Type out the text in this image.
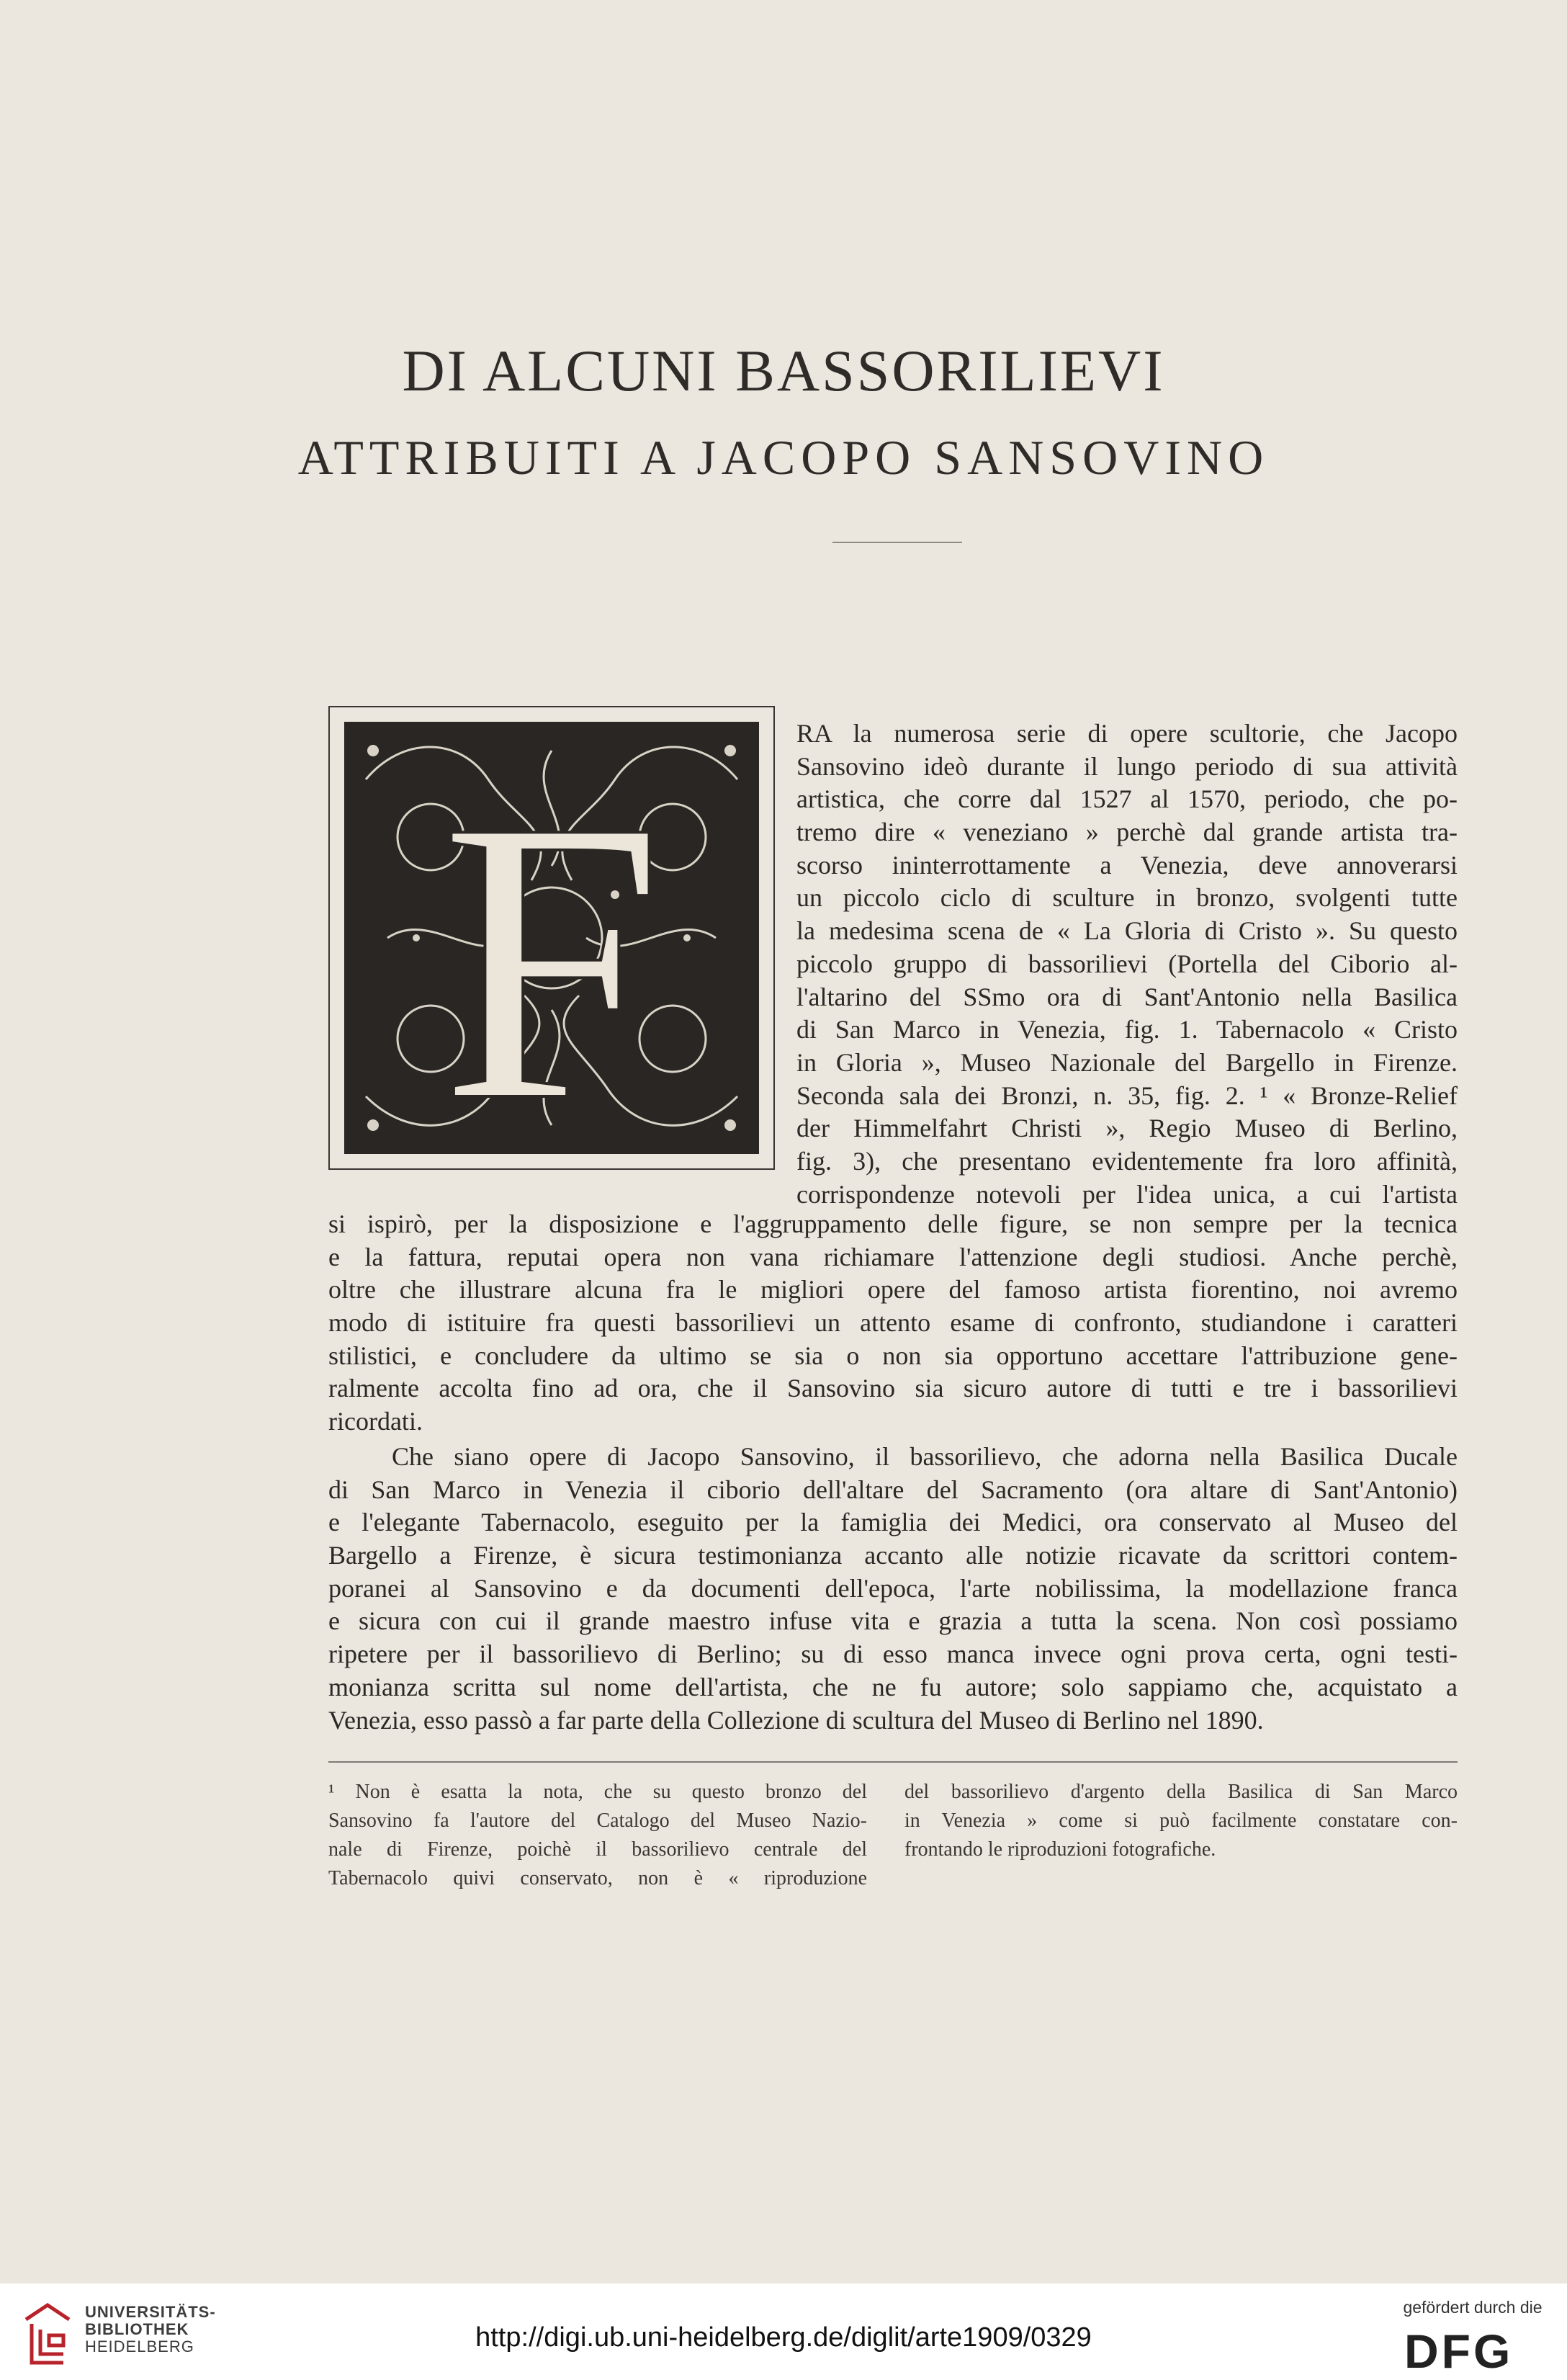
DI ALCUNI BASSORILIEVI
ATTRIBUITI A JACOPO SANSOVINO
F
RA la numerosa serie di opere scultorie, che Jacopo
Sansovino ideò durante il lungo periodo di sua attività
artistica, che corre dal 1527 al 1570, periodo, che po-
tremo dire « veneziano » perchè dal grande artista tra-
scorso ininterrottamente a Venezia, deve annoverarsi
un piccolo ciclo di sculture in bronzo, svolgenti tutte
la medesima scena de « La Gloria di Cristo ». Su questo
piccolo gruppo di bassorilievi (Portella del Ciborio al-
l'altarino del SSmo ora di Sant'Antonio nella Basilica
di San Marco in Venezia, fig. 1. Tabernacolo « Cristo
in Gloria », Museo Nazionale del Bargello in Firenze.
Seconda sala dei Bronzi, n. 35, fig. 2. ¹ « Bronze-Relief
der Himmelfahrt Christi », Regio Museo di Berlino,
fig. 3), che presentano evidentemente fra loro affinità,
corrispondenze notevoli per l'idea unica, a cui l'artista
si ispirò, per la disposizione e l'aggruppamento delle figure, se non sempre per la tecnica
e la fattura, reputai opera non vana richiamare l'attenzione degli studiosi. Anche perchè,
oltre che illustrare alcuna fra le migliori opere del famoso artista fiorentino, noi avremo
modo di istituire fra questi bassorilievi un attento esame di confronto, studiandone i caratteri
stilistici, e concludere da ultimo se sia o non sia opportuno accettare l'attribuzione gene-
ralmente accolta fino ad ora, che il Sansovino sia sicuro autore di tutti e tre i bassorilievi
ricordati.
Che siano opere di Jacopo Sansovino, il bassorilievo, che adorna nella Basilica Ducale
di San Marco in Venezia il ciborio dell'altare del Sacramento (ora altare di Sant'Antonio)
e l'elegante Tabernacolo, eseguito per la famiglia dei Medici, ora conservato al Museo del
Bargello a Firenze, è sicura testimonianza accanto alle notizie ricavate da scrittori contem-
poranei al Sansovino e da documenti dell'epoca, l'arte nobilissima, la modellazione franca
e sicura con cui il grande maestro infuse vita e grazia a tutta la scena. Non così possiamo
ripetere per il bassorilievo di Berlino; su di esso manca invece ogni prova certa, ogni testi-
monianza scritta sul nome dell'artista, che ne fu autore; solo sappiamo che, acquistato a
Venezia, esso passò a far parte della Collezione di scultura del Museo di Berlino nel 1890.
¹ Non è esatta la nota, che su questo bronzo del
Sansovino fa l'autore del Catalogo del Museo Nazio-
nale di Firenze, poichè il bassorilievo centrale del
Tabernacolo quivi conservato, non è « riproduzione
del bassorilievo d'argento della Basilica di San Marco
in Venezia » come si può facilmente constatare con-
frontando le riproduzioni fotografiche.
UNIVERSITÄTS-
BIBLIOTHEK
HEIDELBERG	http://digi.ub.uni-heidelberg.de/diglit/arte1909/0329
gefördert durch die
DFG
